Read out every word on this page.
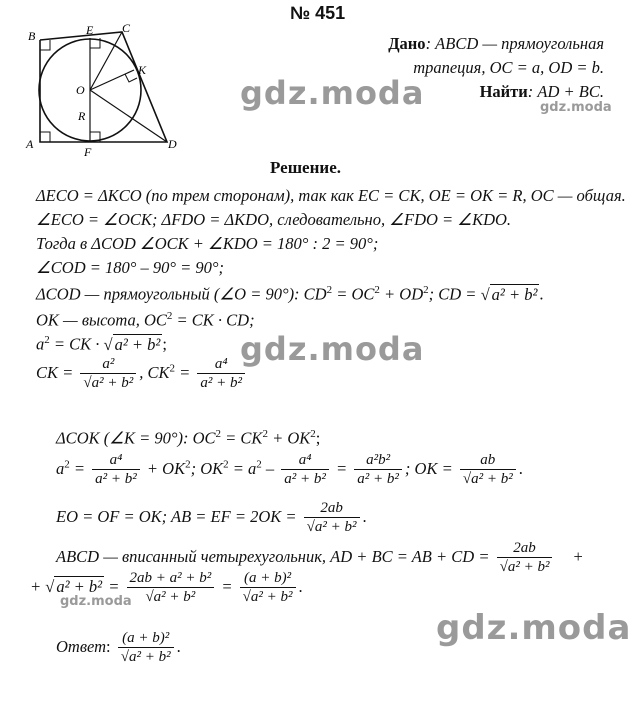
№ 451
B	E C
K
O
R
A
F
D
Дано: ABCD — прямоугольная
трапеция, OC = a, OD = b.
Найти: AD + BC.
gdz.moda	gdz.moda
gdz.moda
gdz.moda
gdz.moda
Решение.
ΔECO = ΔKCO (по трем сторонам), так как EC = CK, OE = OK = R, OC — общая.
∠ECO = ∠OCK; ΔFDO = ΔKDO, следовательно, ∠FDO = ∠KDO.
Тогда в ΔCOD ∠OCK + ∠KDO = 180° : 2 = 90°;
∠COD = 180° – 90° = 90°;
ΔCOD — прямоугольный (∠O = 90°): $CD^2 = OC^2 + OD^2$; CD = √ a² + b² .
OK — высота, $OC^2$ = CK · CD;
$a^2$ = CK · √ a² + b² ;
CK = $\frac{\text{a²}}{\text{√a² + b²}}$ , $CK^2 = \frac{\text{a⁴}}{\text{a² + b²}}$
ΔCOK (∠K = 90°): $OC^2 = CK^2 + OK^2$;
$a^2 = \frac{\text{a⁴}}{\text{a² + b²}} + OK^2$; $OK^2 = a^2 - \frac{\text{a⁴}}{\text{a² + b²}} = \frac{\text{a²b²}}{\text{a² + b²}}$ ; OK = $\frac{ab}{\text{√a² + b²}}$ .
EO = OF = OK; AB = EF = $2OK = \frac{2ab}{\text{√a² + b²}}$ .
ABCD — вписанный четырехугольник, AD + BC = AB + CD = $\frac{2ab}{\text{√a² + b²}}$ +
+ √ $a^2 + b^2 = \frac{\text{2ab + a² + b²}}{\text{√a² + b²}} = \frac{\text{(a + b)²}}{\text{√a² + b²}}$ .
Ответ: $\frac{\text{(a + b)²}}{\text{√a² + b²}}$ .
